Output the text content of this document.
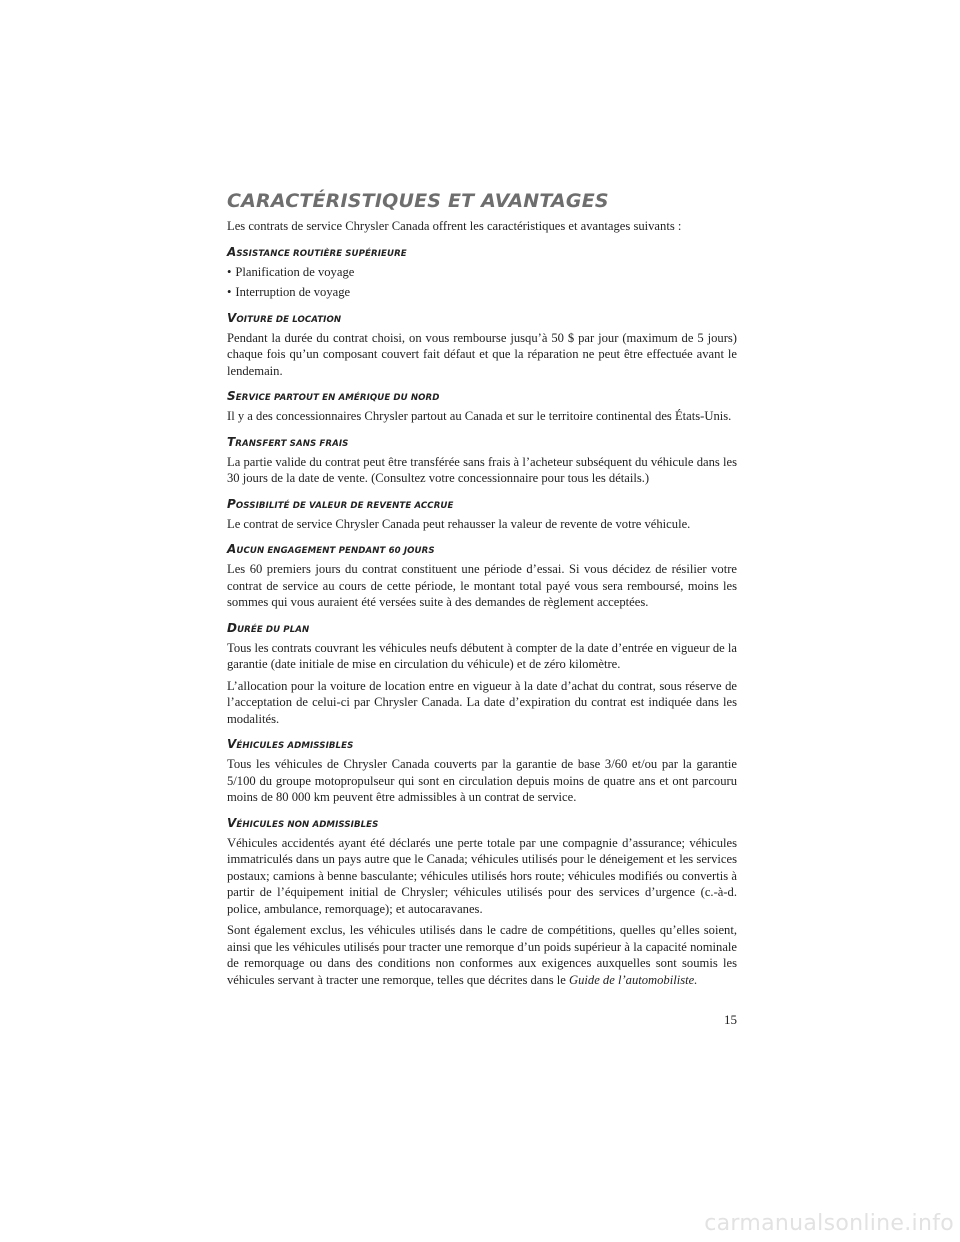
CARACTÉRISTIQUES ET AVANTAGES

Les contrats de service Chrysler Canada offrent les caractéristiques et avantages suivants :

ASSISTANCE ROUTIÈRE SUPÉRIEURE
• Planification de voyage
• Interruption de voyage
VOITURE DE LOCATION

Pendant la durée du contrat choisi, on vous rembourse jusqu’à 50 $ par jour (maximum de 5 jours) chaque fois qu’un composant couvert fait défaut et que la réparation ne peut être effectuée avant le lendemain.

SERVICE PARTOUT EN AMÉRIQUE DU NORD

Il y a des concessionnaires Chrysler partout au Canada et sur le territoire continental des États-Unis.

TRANSFERT SANS FRAIS

La partie valide du contrat peut être transférée sans frais à l’acheteur subséquent du véhicule dans les 30 jours de la date de vente. (Consultez votre concessionnaire pour tous les détails.)

POSSIBILITÉ DE VALEUR DE REVENTE ACCRUE

Le contrat de service Chrysler Canada peut rehausser la valeur de revente de votre véhicule.

AUCUN ENGAGEMENT PENDANT 60 JOURS

Les 60 premiers jours du contrat constituent une période d’essai. Si vous décidez de résilier votre contrat de service au cours de cette période, le montant total payé vous sera remboursé, moins les sommes qui vous auraient été versées suite à des demandes de règlement acceptées.

DURÉE DU PLAN

Tous les contrats couvrant les véhicules neufs débutent à compter de la date d’entrée en vigueur de la garantie (date initiale de mise en circulation du véhicule) et de zéro kilomètre.

L’allocation pour la voiture de location entre en vigueur à la date d’achat du contrat, sous réserve de l’acceptation de celui-ci par Chrysler Canada. La date d’expiration du contrat est indiquée dans les modalités.

VÉHICULES ADMISSIBLES

Tous les véhicules de Chrysler Canada couverts par la garantie de base 3/60 et/ou par la garantie 5/100 du groupe motopropulseur qui sont en circulation depuis moins de quatre ans et ont parcouru moins de 80 000 km peuvent être admissibles à un contrat de service.

VÉHICULES NON ADMISSIBLES

Véhicules accidentés ayant été déclarés une perte totale par une compagnie d’assurance; véhicules immatriculés dans un pays autre que le Canada; véhicules utilisés pour le déneigement et les services postaux; camions à benne basculante; véhicules utilisés hors route; véhicules modifiés ou convertis à partir de l’équipement initial de Chrysler; véhicules utilisés pour des services d’urgence (c.-à-d. police, ambulance, remorquage); et autocaravanes.

Sont également exclus, les véhicules utilisés dans le cadre de compétitions, quelles qu’elles soient, ainsi que les véhicules utilisés pour tracter une remorque d’un poids supérieur à la capacité nominale de remorquage ou dans des conditions non conformes aux exigences auxquelles sont soumis les véhicules servant à tracter une remorque, telles que décrites dans le Guide de l’automobiliste.

15
carmanualsonline.info
